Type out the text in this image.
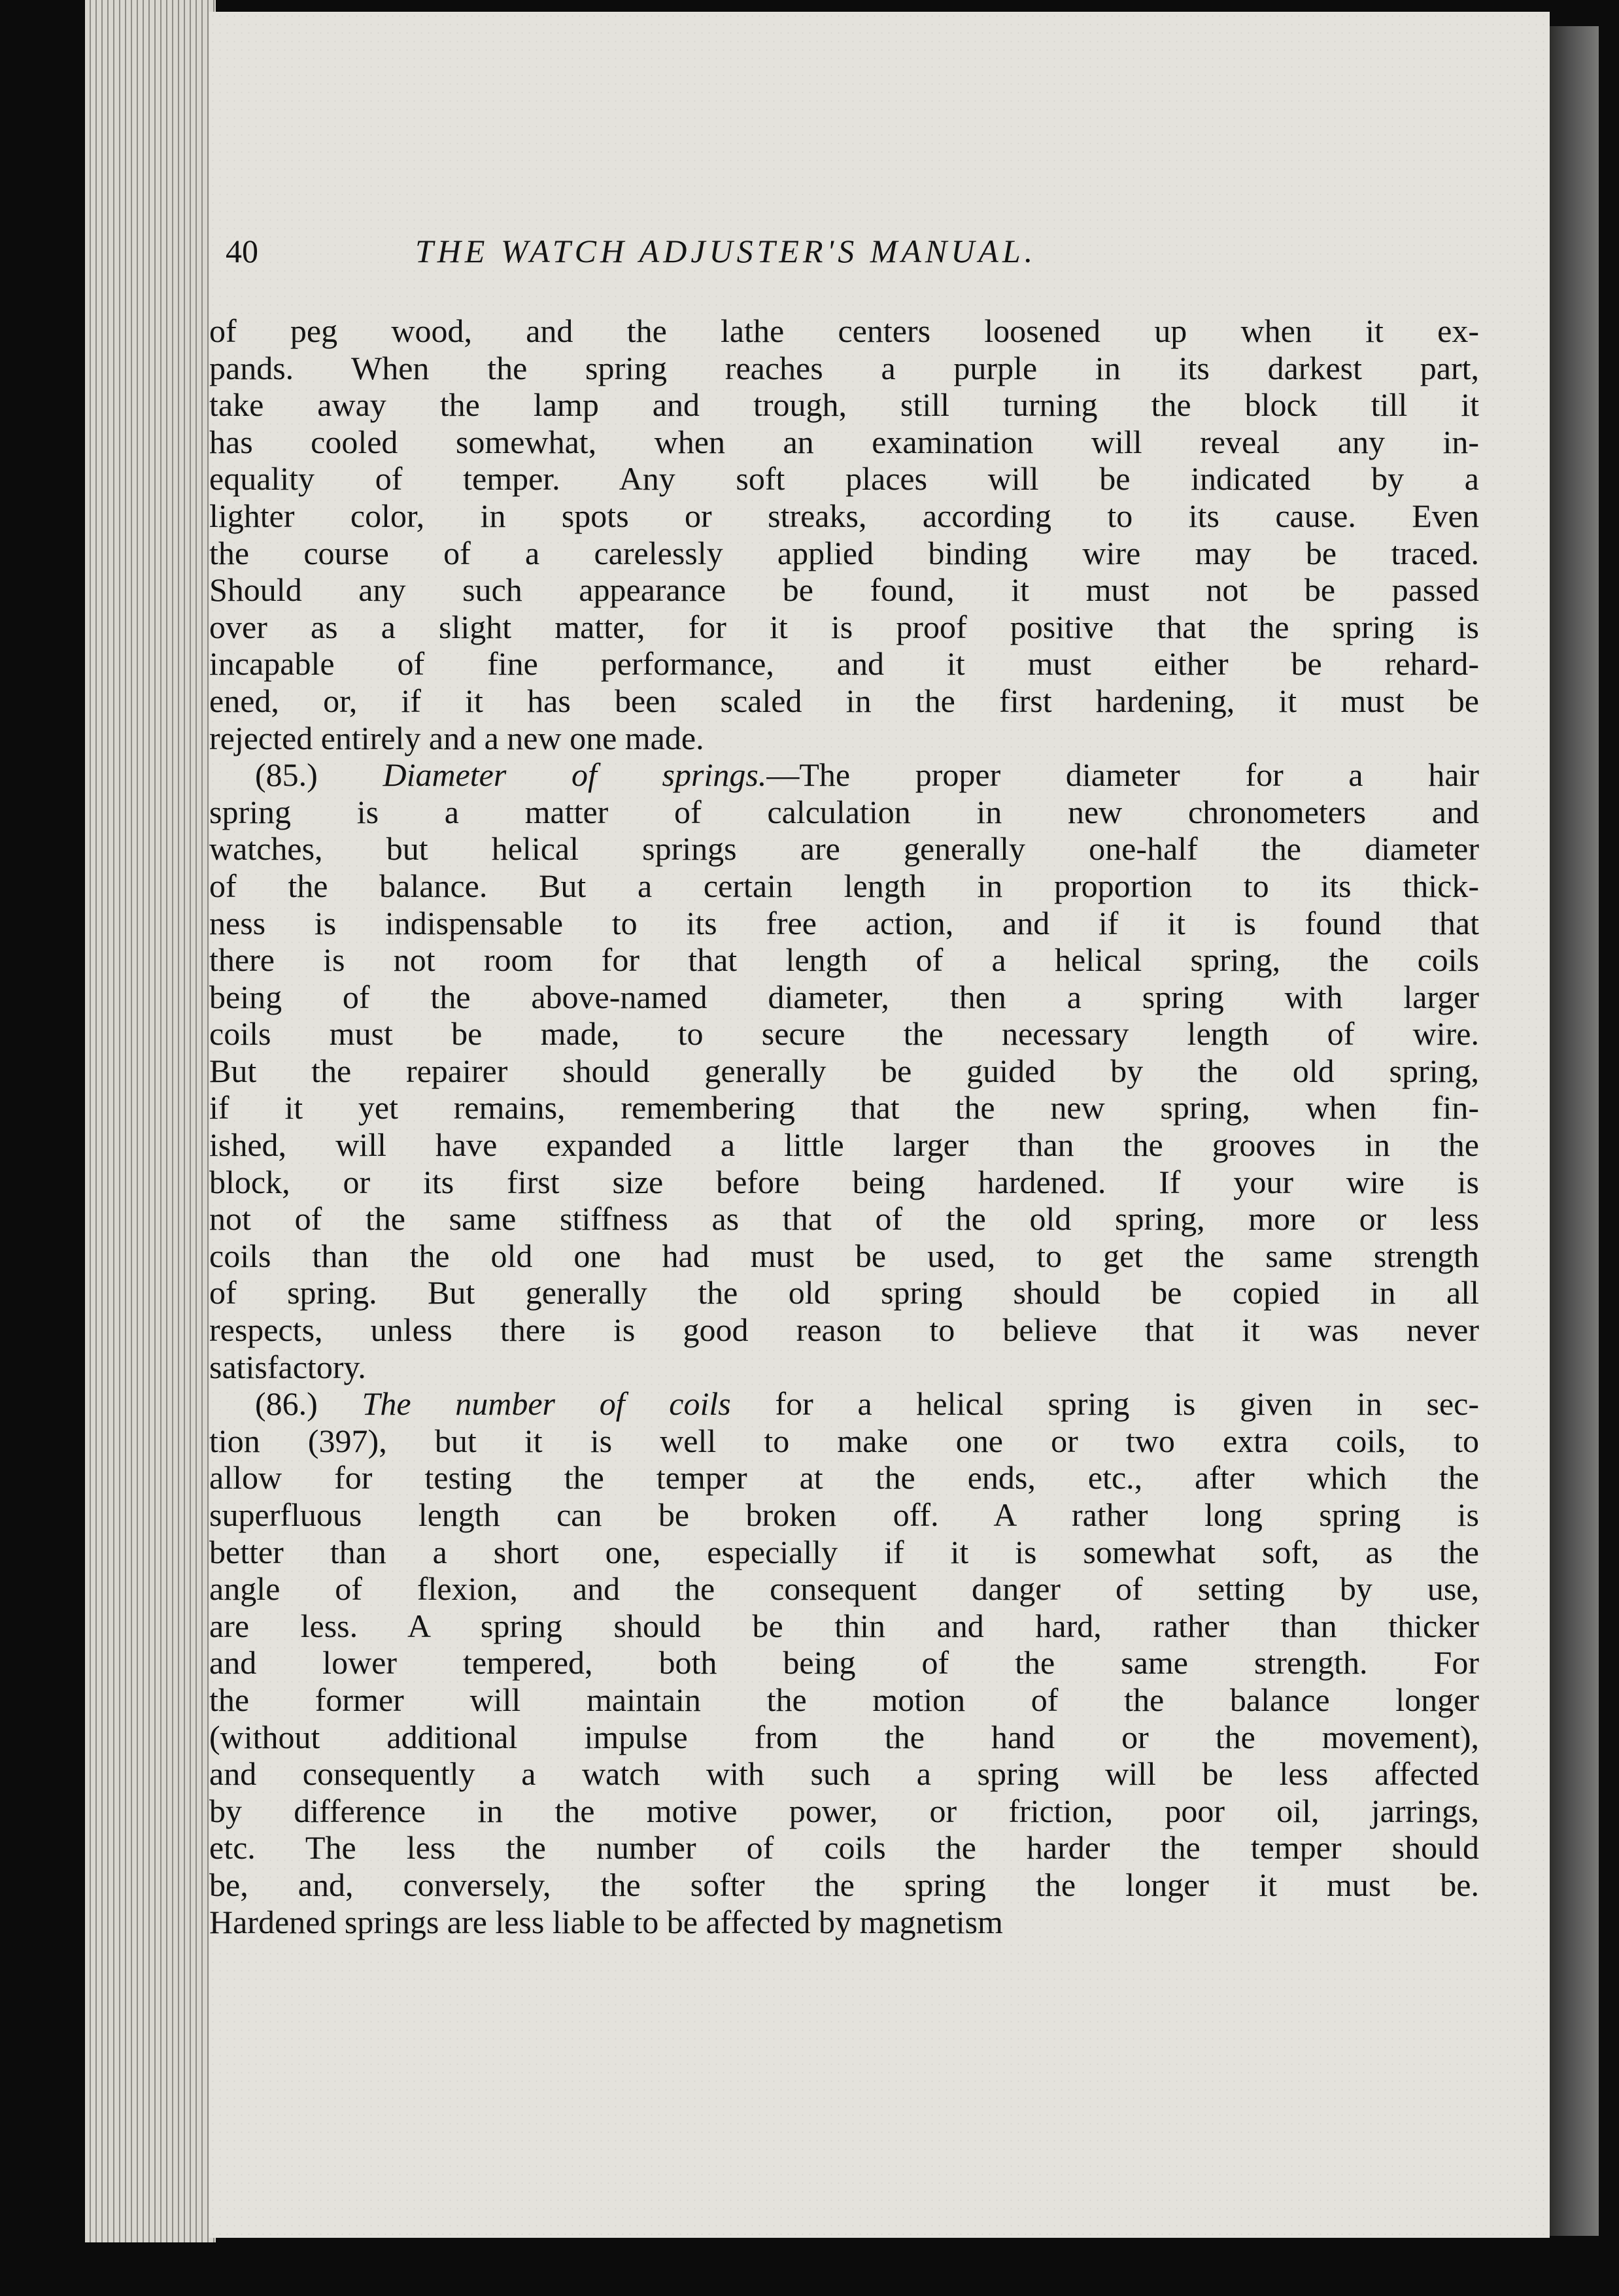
40	THE WATCH ADJUSTER'S MANUAL.
of peg wood, and the lathe centers loosened up when it ex-
pands. When the spring reaches a purple in its darkest part,
take away the lamp and trough, still turning the block till it
has cooled somewhat, when an examination will reveal any in-
equality of temper. Any soft places will be indicated by a
lighter color, in spots or streaks, according to its cause. Even
the course of a carelessly applied binding wire may be traced.
Should any such appearance be found, it must not be passed
over as a slight matter, for it is proof positive that the spring is
incapable of fine performance, and it must either be rehard-
ened, or, if it has been scaled in the first hardening, it must be
rejected entirely and a new one made.
(85.) Diameter of springs.—The proper diameter for a hair
spring is a matter of calculation in new chronometers and
watches, but helical springs are generally one-half the diameter
of the balance. But a certain length in proportion to its thick-
ness is indispensable to its free action, and if it is found that
there is not room for that length of a helical spring, the coils
being of the above-named diameter, then a spring with larger
coils must be made, to secure the necessary length of wire.
But the repairer should generally be guided by the old spring,
if it yet remains, remembering that the new spring, when fin-
ished, will have expanded a little larger than the grooves in the
block, or its first size before being hardened. If your wire is
not of the same stiffness as that of the old spring, more or less
coils than the old one had must be used, to get the same strength
of spring. But generally the old spring should be copied in all
respects, unless there is good reason to believe that it was never
satisfactory.
(86.) The number of coils for a helical spring is given in sec-
tion (397), but it is well to make one or two extra coils, to
allow for testing the temper at the ends, etc., after which the
superfluous length can be broken off. A rather long spring is
better than a short one, especially if it is somewhat soft, as the
angle of flexion, and the consequent danger of setting by use,
are less. A spring should be thin and hard, rather than thicker
and lower tempered, both being of the same strength. For
the former will maintain the motion of the balance longer
(without additional impulse from the hand or the movement),
and consequently a watch with such a spring will be less affected
by difference in the motive power, or friction, poor oil, jarrings,
etc. The less the number of coils the harder the temper should
be, and, conversely, the softer the spring the longer it must be.
Hardened springs are less liable to be affected by magnetism
